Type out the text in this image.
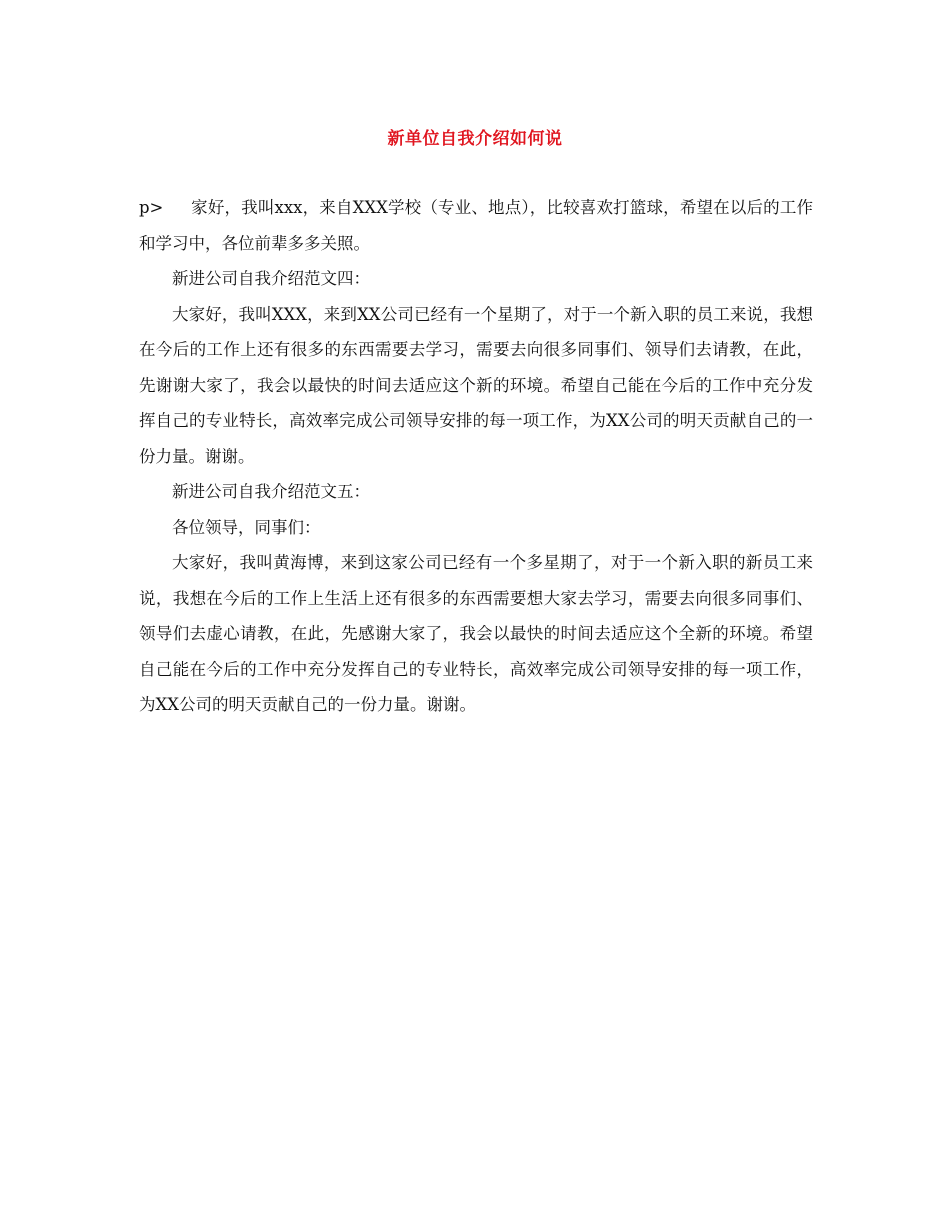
新单位自我介绍如何说

p> 家好，我叫xxx，来自XXX学校（专业、地点），比较喜欢打篮球，希望在以后的工作和学习中，各位前辈多多关照。

新进公司自我介绍范文四：

大家好，我叫XXX，来到XX公司已经有一个星期了，对于一个新入职的员工来说，我想在今后的工作上还有很多的东西需要去学习，需要去向很多同事们、领导们去请教，在此，先谢谢大家了，我会以最快的时间去适应这个新的环境。希望自己能在今后的工作中充分发挥自己的专业特长，高效率完成公司领导安排的每一项工作，为XX公司的明天贡献自己的一份力量。谢谢。

新进公司自我介绍范文五：

各位领导，同事们：

大家好，我叫黄海博，来到这家公司已经有一个多星期了，对于一个新入职的新员工来说，我想在今后的工作上生活上还有很多的东西需要想大家去学习，需要去向很多同事们、领导们去虚心请教，在此，先感谢大家了，我会以最快的时间去适应这个全新的环境。希望自己能在今后的工作中充分发挥自己的专业特长，高效率完成公司领导安排的每一项工作，为XX公司的明天贡献自己的一份力量。谢谢。
